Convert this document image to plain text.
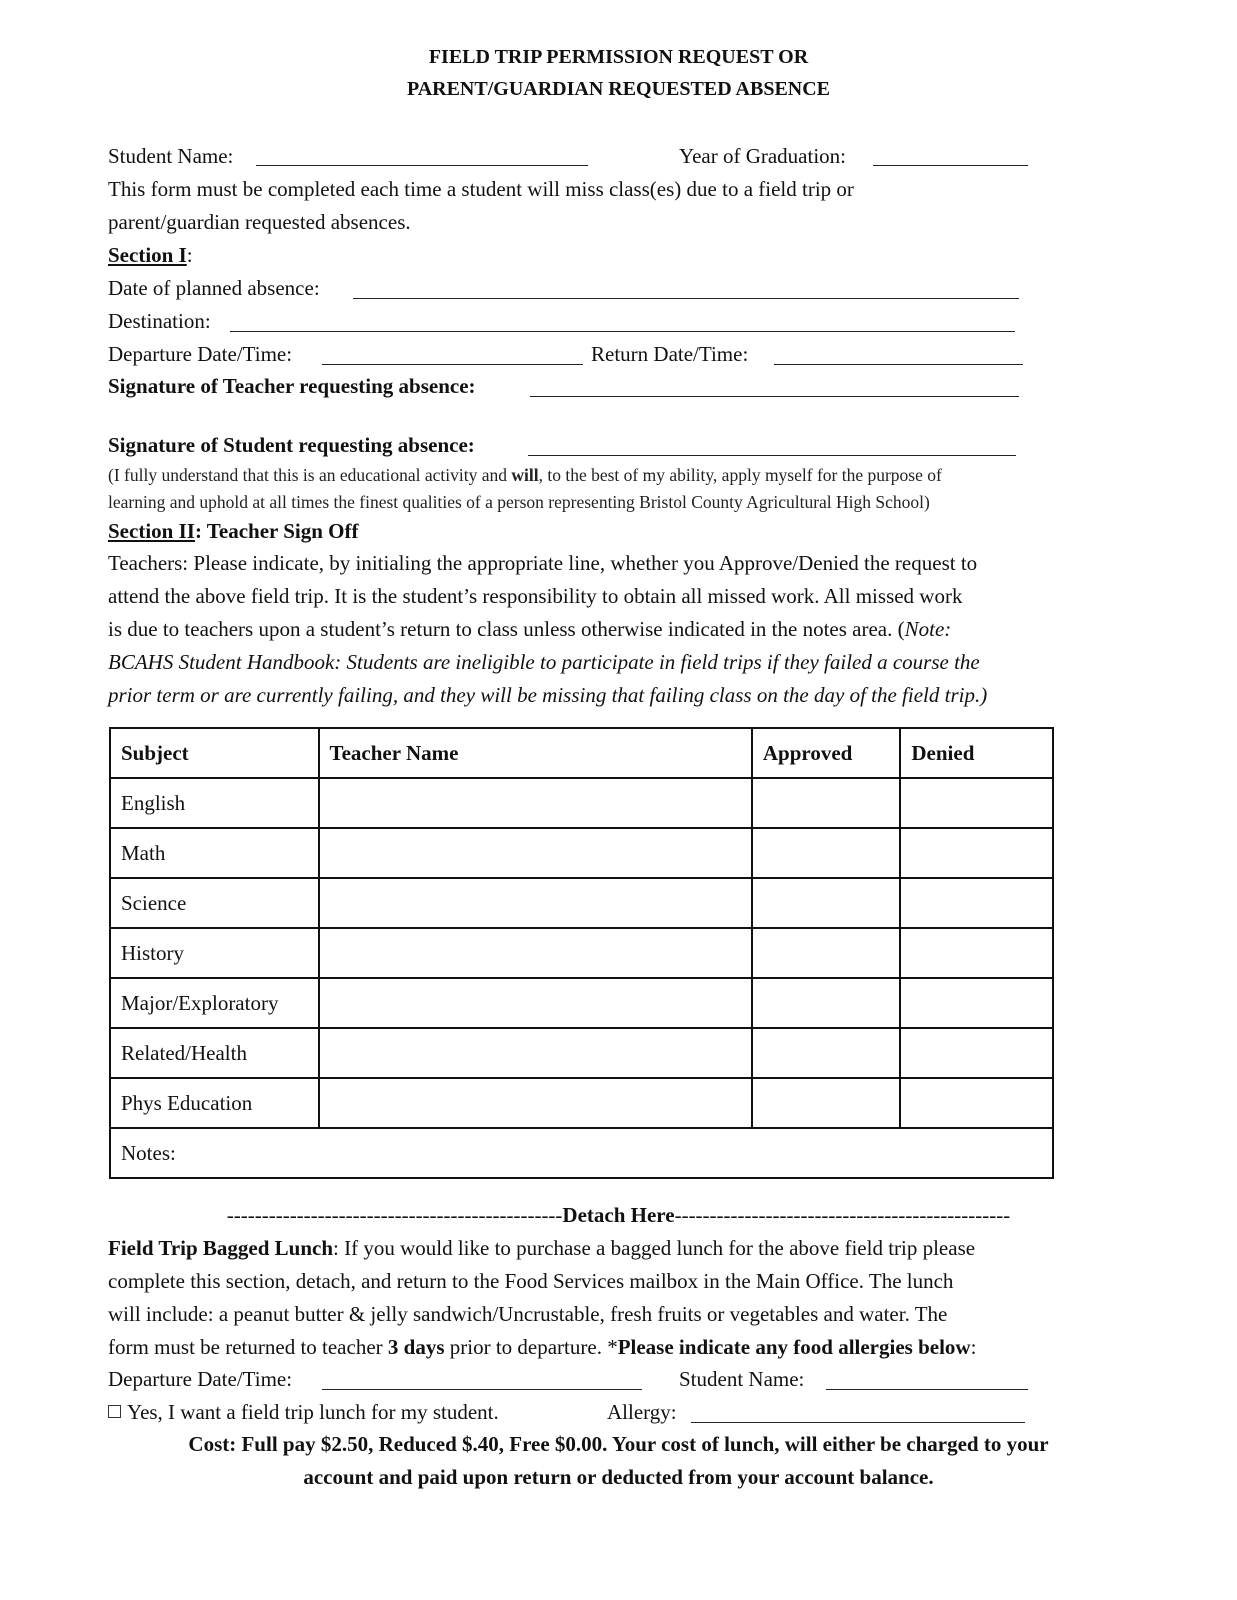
FIELD TRIP PERMISSION REQUEST OR
PARENT/GUARDIAN REQUESTED ABSENCE
Student Name:	Year of Graduation:
This form must be completed each time a student will miss class(es) due to a field trip or
parent/guardian requested absences.
Section I:
Date of planned absence:
Destination:
Departure Date/Time:	Return Date/Time:
Signature of Teacher requesting absence:
Signature of Student requesting absence:
(I fully understand that this is an educational activity and will, to the best of my ability, apply myself for the purpose of
learning and uphold at all times the finest qualities of a person representing Bristol County Agricultural High School)
Section II: Teacher Sign Off
Teachers: Please indicate, by initialing the appropriate line, whether you Approve/Denied the request to
attend the above field trip. It is the student’s responsibility to obtain all missed work. All missed work
is due to teachers upon a student’s return to class unless otherwise indicated in the notes area. (Note:
BCAHS Student Handbook: Students are ineligible to participate in field trips if they failed a course the
prior term or are currently failing, and they will be missing that failing class on the day of the field trip.)
Subject	Teacher Name	Approved	Denied
English			
Math			
Science			
History			
Major/Exploratory			
Related/Health			
Phys Education			
Notes:			
------------------------------------------------Detach Here------------------------------------------------
Field Trip Bagged Lunch: If you would like to purchase a bagged lunch for the above field trip please
complete this section, detach, and return to the Food Services mailbox in the Main Office. The lunch
will include: a peanut butter & jelly sandwich/Uncrustable, fresh fruits or vegetables and water. The
form must be returned to teacher 3 days prior to departure. *Please indicate any food allergies below:
Departure Date/Time:	Student Name:
Yes, I want a field trip lunch for my student.	Allergy:
Cost: Full pay $2.50, Reduced $.40, Free $0.00. Your cost of lunch, will either be charged to your
account and paid upon return or deducted from your account balance.
